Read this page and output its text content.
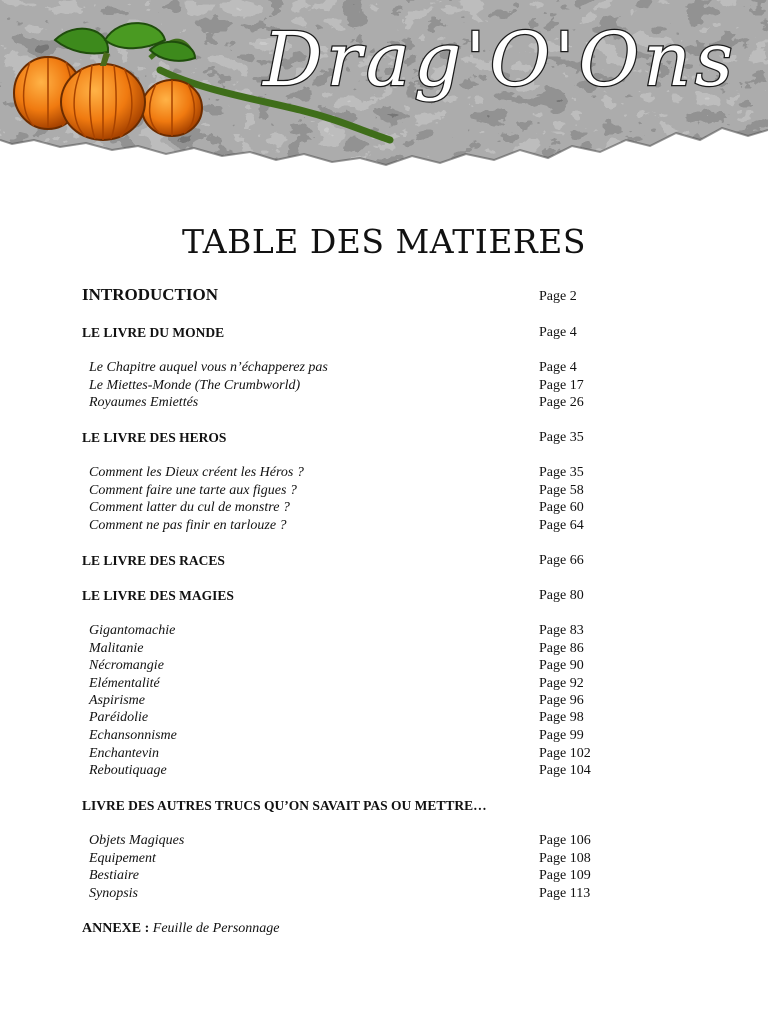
Drag'O'Ons
TABLE DES MATIERES
INTRODUCTION	Page 2
LE LIVRE DU MONDE	Page 4
Le Chapitre auquel vous n’échapperez pas	Page 4
Le Miettes-Monde (The Crumbworld)	Page 17
Royaumes Emiettés	Page 26
LE LIVRE DES HEROS	Page 35
Comment les Dieux créent les Héros ?	Page 35
Comment faire une tarte aux figues ?	Page 58
Comment latter du cul de monstre ?	Page 60
Comment ne pas finir en tarlouze ?	Page 64
LE LIVRE DES RACES	Page 66
LE LIVRE DES MAGIES	Page 80
Gigantomachie	Page 83
Malitanie	Page 86
Nécromangie	Page 90
Elémentalité	Page 92
Aspirisme	Page 96
Paréidolie	Page 98
Echansonnisme	Page 99
Enchantevin	Page 102
Reboutiquage	Page 104
LIVRE DES AUTRES TRUCS QU’ON SAVAIT PAS OU METTRE…
Objets Magiques	Page 106
Equipement	Page 108
Bestiaire	Page 109
Synopsis	Page 113
ANNEXE : Feuille de Personnage
